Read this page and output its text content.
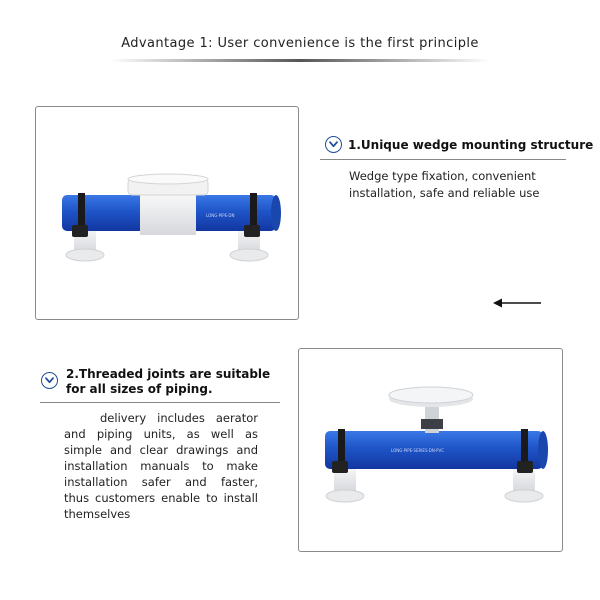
Advantage 1: User convenience is the first principle
LONG·PIPE·DN
1.Unique wedge mounting structure
Wedge type fixation, convenient installation, safe and reliable use
2.Threaded joints are suitable for all sizes of piping.
delivery includes aerator and piping units, as well as simple and clear drawings and installation manuals to make installation safer and faster, thus customers enable to install themselves
LONG·PIPE·SERIES·DN·PVC
